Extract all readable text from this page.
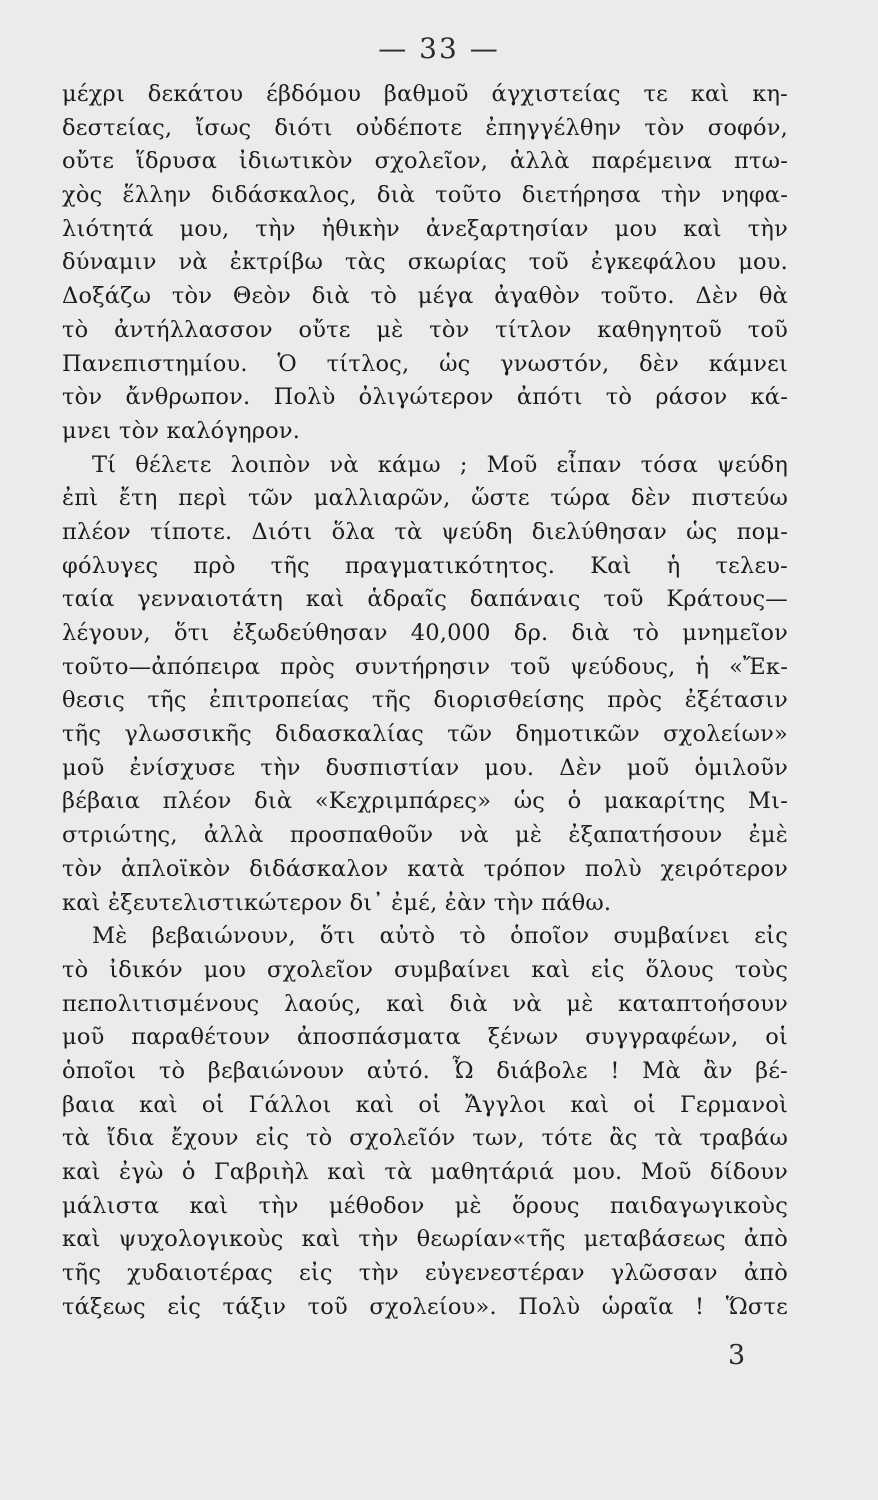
— 33 —
μέχρι δεκάτου έβδόμου βαθμοῦ άγχιστείας τε καὶ κη-
δεστείας, ἴσως διότι οὐδέποτε ἐπηγγέλθην τὸν σοφόν,
οὔτε ἵδρυσα ἰδιωτικὸν σχολεῖον, ἀλλὰ παρέμεινα πτω-
χὸς ἕλλην διδάσκαλος, διὰ τοῦτο διετήρησα τὴν νηφα-
λιότητά μου, τὴν ἠθικὴν ἀνεξαρτησίαν μου καὶ τὴν
δύναμιν νὰ ἐκτρίβω τὰς σκωρίας τοῦ ἐγκεφάλου μου.
Δοξάζω τὸν Θεὸν διὰ τὸ μέγα ἀγαθὸν τοῦτο. Δὲν θὰ
τὸ ἀντήλλασσον οὔτε μὲ τὸν τίτλον καθηγητοῦ τοῦ
Πανεπιστημίου. Ὁ τίτλος, ὡς γνωστόν, δὲν κάμνει
τὸν ἄνθρωπον. Πολὺ ὀλιγώτερον ἀπότι τὸ ράσον κά-
μνει τὸν καλόγηρον.
Τί θέλετε λοιπὸν νὰ κάμω ; Μοῦ εἶπαν τόσα ψεύδη
ἐπὶ ἔτη περὶ τῶν μαλλιαρῶν, ὥστε τώρα δὲν πιστεύω
πλέον τίποτε. Διότι ὅλα τὰ ψεύδη διελύθησαν ὡς πομ-
φόλυγες πρὸ τῆς πραγματικότητος. Καὶ ἡ τελευ-
ταία γενναιοτάτη καὶ ἁδραῖς δαπάναις τοῦ Κράτους—
λέγουν, ὅτι ἐξωδεύθησαν 40,000 δρ. διὰ τὸ μνημεῖον
τοῦτο—ἀπόπειρα πρὸς συντήρησιν τοῦ ψεύδους, ἡ «Ἔκ-
θεσις τῆς ἐπιτροπείας τῆς διορισθείσης πρὸς ἐξέτασιν
τῆς γλωσσικῆς διδασκαλίας τῶν δημοτικῶν σχολείων»
μοῦ ἐνίσχυσε τὴν δυσπιστίαν μου. Δὲν μοῦ ὁμιλοῦν
βέβαια πλέον διὰ «Κεχριμπάρες» ὡς ὁ μακαρίτης Μι-
στριώτης, ἀλλὰ προσπαθοῦν νὰ μὲ ἐξαπατήσουν ἐμὲ
τὸν ἀπλοϊκὸν διδάσκαλον κατὰ τρόπον πολὺ χειρότερον
καὶ ἐξευτελιστικώτερον δι᾽ ἐμέ, ἐὰν τὴν πάθω.
Μὲ βεβαιώνουν, ὅτι αὐτὸ τὸ ὁποῖον συμβαίνει εἰς
τὸ ἰδικόν μου σχολεῖον συμβαίνει καὶ εἰς ὅλους τοὺς
πεπολιτισμένους λαούς, καὶ διὰ νὰ μὲ καταπτοήσουν
μοῦ παραθέτουν ἀποσπάσματα ξένων συγγραφέων, οἱ
ὁποῖοι τὸ βεβαιώνουν αὐτό. Ὦ διάβολε ! Μὰ ἂν βέ-
βαια καὶ οἱ Γάλλοι καὶ οἱ Ἄγγλοι καὶ οἱ Γερμανοὶ
τὰ ἴδια ἔχουν εἰς τὸ σχολεῖόν των, τότε ἂς τὰ τραβάω
καὶ ἐγὼ ὁ Γαβριὴλ καὶ τὰ μαθητάριά μου. Μοῦ δίδουν
μάλιστα καὶ τὴν μέθοδον μὲ ὅρους παιδαγωγικοὺς
καὶ ψυχολογικοὺς καὶ τὴν θεωρίαν«τῆς μεταβάσεως ἀπὸ
τῆς χυδαιοτέρας εἰς τὴν εὐγενεστέραν γλῶσσαν ἀπὸ
τάξεως εἰς τάξιν τοῦ σχολείου». Πολὺ ὡραῖα ! Ὥστε
3
